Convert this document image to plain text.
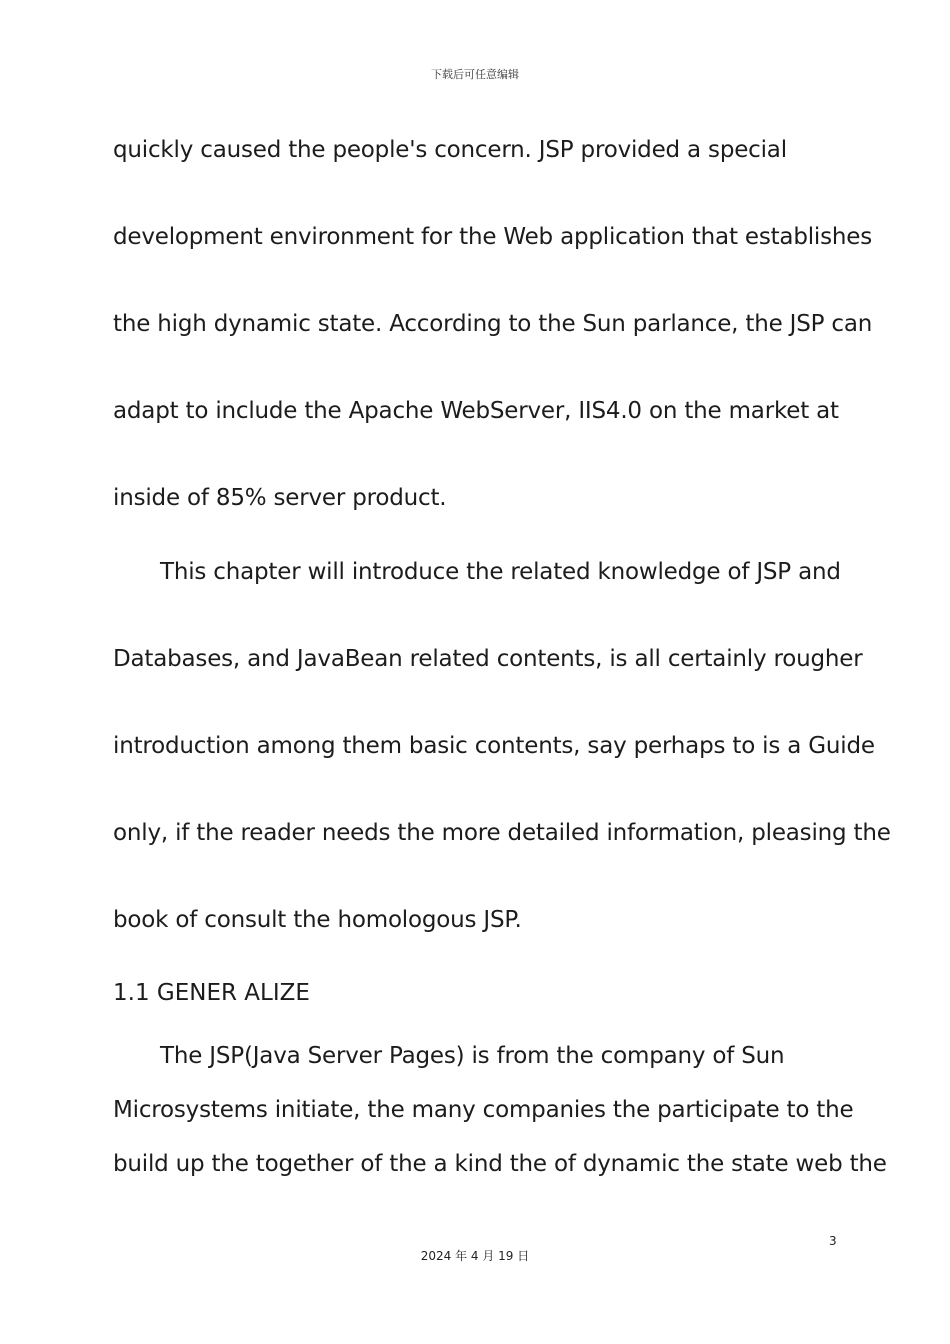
下载后可任意编辑
quickly caused the people's concern. JSP provided a special
development environment for the Web application that establishes
the high dynamic state. According to the Sun parlance, the JSP can
adapt to include the Apache WebServer, IIS4.0 on the market at
inside of 85% server product.
This chapter will introduce the related knowledge of JSP and
Databases, and JavaBean related contents, is all certainly rougher
introduction among them basic contents, say perhaps to is a Guide
only, if the reader needs the more detailed information, pleasing the
book of consult the homologous JSP.
1.1 GENER ALIZE
The JSP(Java Server Pages) is from the company of Sun
Microsystems initiate, the many companies the participate to the
build up the together of the a kind the of dynamic the state web the
3
2024 年 4 月 19 日
